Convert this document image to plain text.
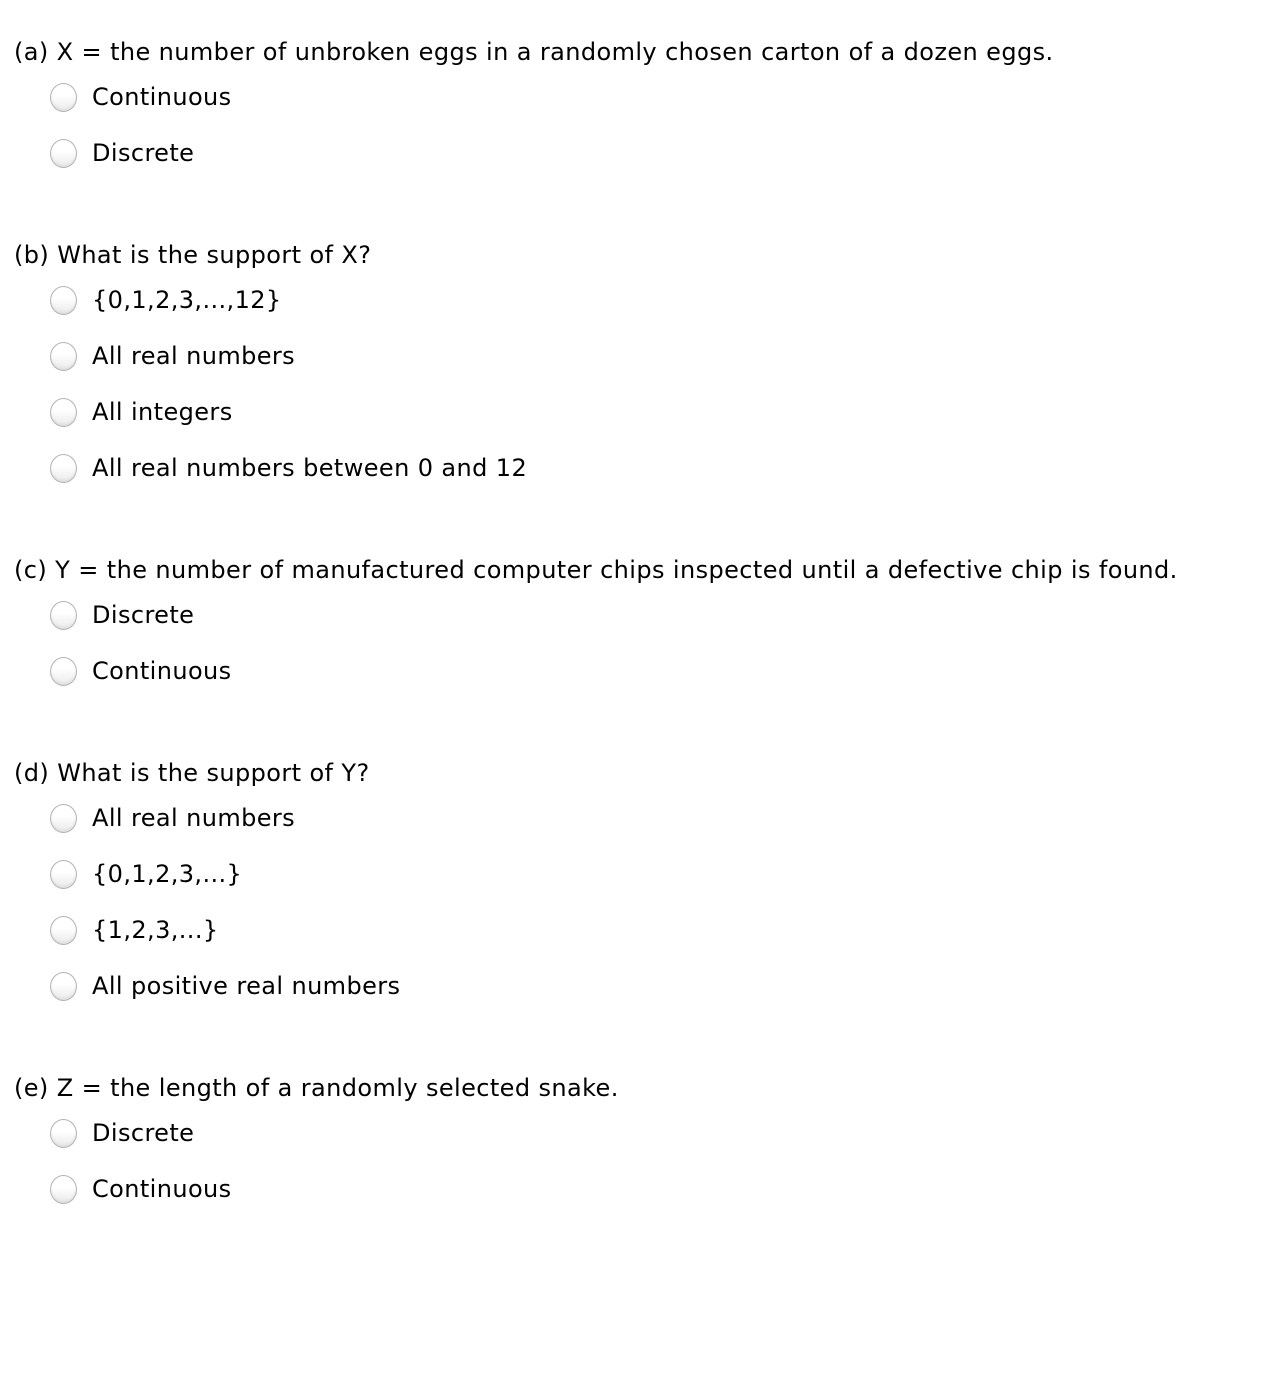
(a) X = the number of unbroken eggs in a randomly chosen carton of a dozen eggs.
Continuous
Discrete
(b) What is the support of X?
{0,1,2,3,...,12}
All real numbers
All integers
All real numbers between 0 and 12
(c) Y = the number of manufactured computer chips inspected until a defective chip is found.
Discrete
Continuous
(d) What is the support of Y?
All real numbers
{0,1,2,3,...}
{1,2,3,...}
All positive real numbers
(e) Z = the length of a randomly selected snake.
Discrete
Continuous
